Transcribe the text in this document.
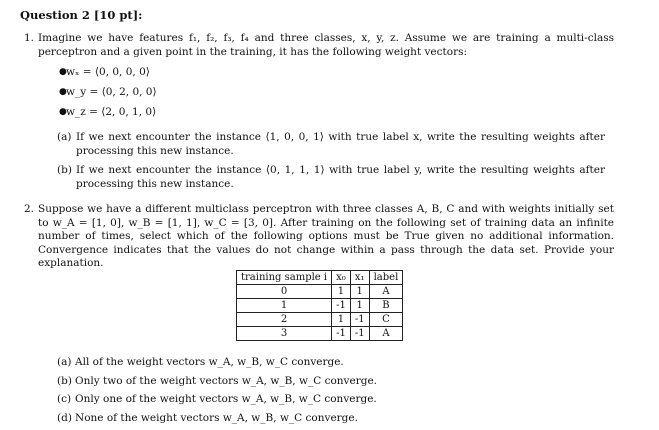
Question 2 [10 pt]:
1. Imagine we have features f₁, f₂, f₃, f₄ and three classes, x, y, z. Assume we are training a multi-class perceptron and a given point in the training, it has the following weight vectors:
● wₓ = ⟨0, 0, 0, 0⟩
● w_y = ⟨0, 2, 0, 0⟩
● w_z = ⟨2, 0, 1, 0⟩
(a) If we next encounter the instance ⟨1, 0, 0, 1⟩ with true label x, write the resulting weights after processing this new instance.
(b) If we next encounter the instance ⟨0, 1, 1, 1⟩ with true label y, write the resulting weights after processing this new instance.
2. Suppose we have a different multiclass perceptron with three classes A, B, C and with weights initially set to w_A = [1, 0], w_B = [1, 1], w_C = [3, 0]. After training on the following set of training data an infinite number of times, select which of the following options must be True given no additional information. Convergence indicates that the values do not change within a pass through the data set. Provide your explanation.
training sample i	x₀	x₁	label
0	1	1	A
1	-1	1	B
2	1	-1	C
3	-1	-1	A
(a) All of the weight vectors w_A, w_B, w_C converge.
(b) Only two of the weight vectors w_A, w_B, w_C converge.
(c) Only one of the weight vectors w_A, w_B, w_C converge.
(d) None of the weight vectors w_A, w_B, w_C converge.
